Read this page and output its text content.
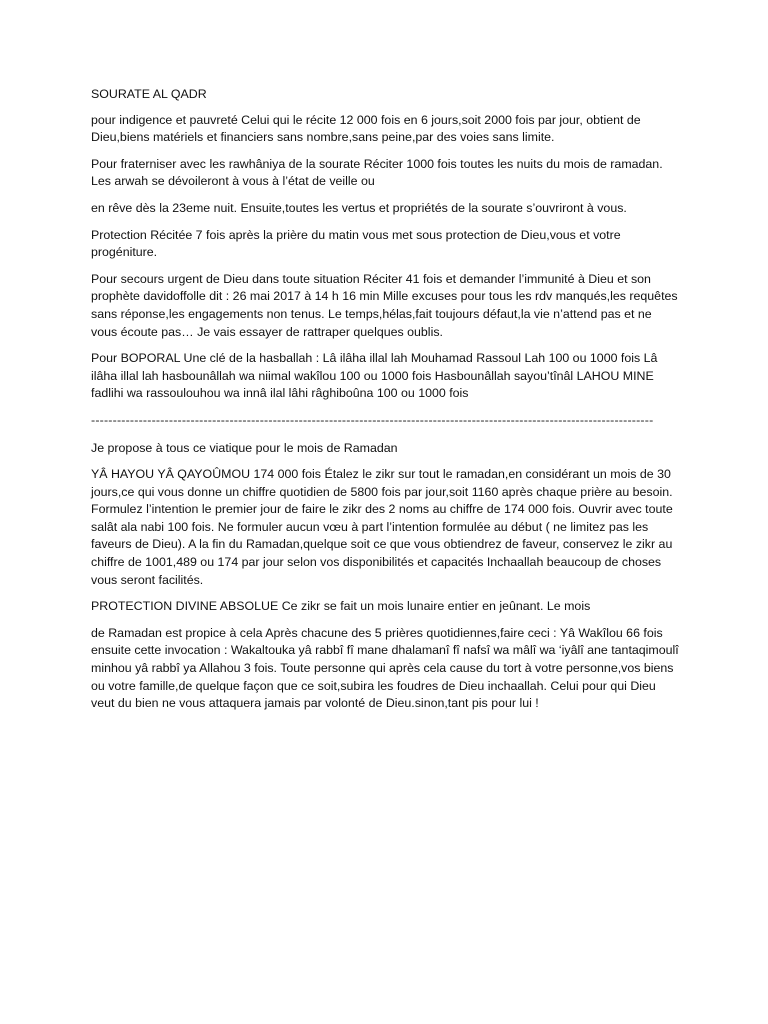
SOURATE AL QADR

pour indigence et pauvreté Celui qui le récite 12 000 fois en 6 jours,soit 2000 fois par jour, obtient de Dieu,biens matériels et financiers sans nombre,sans peine,par des voies sans limite.

Pour fraterniser avec les rawhâniya de la sourate Réciter 1000 fois toutes les nuits du mois de ramadan. Les arwah se dévoileront à vous à l’état de veille ou

en rêve dès la 23eme nuit. Ensuite,toutes les vertus et propriétés de la sourate s’ouvriront à vous.

Protection Récitée 7 fois après la prière du matin vous met sous protection de Dieu,vous et votre progéniture.

Pour secours urgent de Dieu dans toute situation Réciter 41 fois et demander l’immunité à Dieu et son prophète davidoffolle dit : 26 mai 2017 à 14 h 16 min Mille excuses pour tous les rdv manqués,les requêtes sans réponse,les engagements non tenus. Le temps,hélas,fait toujours défaut,la vie n’attend pas et ne vous écoute pas… Je vais essayer de rattraper quelques oublis.

Pour BOPORAL Une clé de la hasballah : Lâ ilâha illal lah Mouhamad Rassoul Lah 100 ou 1000 fois Lâ ilâha illal lah hasbounâllah wa niimal wakîlou 100 ou 1000 fois Hasbounâllah sayou’tînâl LAHOU MINE fadlihi wa rassoulouhou wa innâ ilal lâhi râghiboûna 100 ou 1000 fois

----------------------------------------------------------------------------------------------------------------------------------

Je propose à tous ce viatique pour le mois de Ramadan

YÂ HAYOU YÂ QAYOÛMOU 174 000 fois Étalez le zikr sur tout le ramadan,en considérant un mois de 30 jours,ce qui vous donne un chiffre quotidien de 5800 fois par jour,soit 1160 après chaque prière au besoin. Formulez l’intention le premier jour de faire le zikr des 2 noms au chiffre de 174 000 fois. Ouvrir avec toute salât ala nabi 100 fois. Ne formuler aucun vœu à part l’intention formulée au début ( ne limitez pas les faveurs de Dieu). A la fin du Ramadan,quelque soit ce que vous obtiendrez de faveur, conservez le zikr au chiffre de 1001,489 ou 174 par jour selon vos disponibilités et capacités Inchaallah beaucoup de choses vous seront facilités.

PROTECTION DIVINE ABSOLUE Ce zikr se fait un mois lunaire entier en jeûnant. Le mois

de Ramadan est propice à cela Après chacune des 5 prières quotidiennes,faire ceci : Yâ Wakîlou 66 fois ensuite cette invocation : Wakaltouka yâ rabbî fî mane dhalamanî fî nafsî wa mâlî wa ‘iyâlî ane tantaqimoulî minhou yâ rabbî ya Allahou 3 fois. Toute personne qui après cela cause du tort à votre personne,vos biens ou votre famille,de quelque façon que ce soit,subira les foudres de Dieu inchaallah. Celui pour qui Dieu veut du bien ne vous attaquera jamais par volonté de Dieu.sinon,tant pis pour lui !
